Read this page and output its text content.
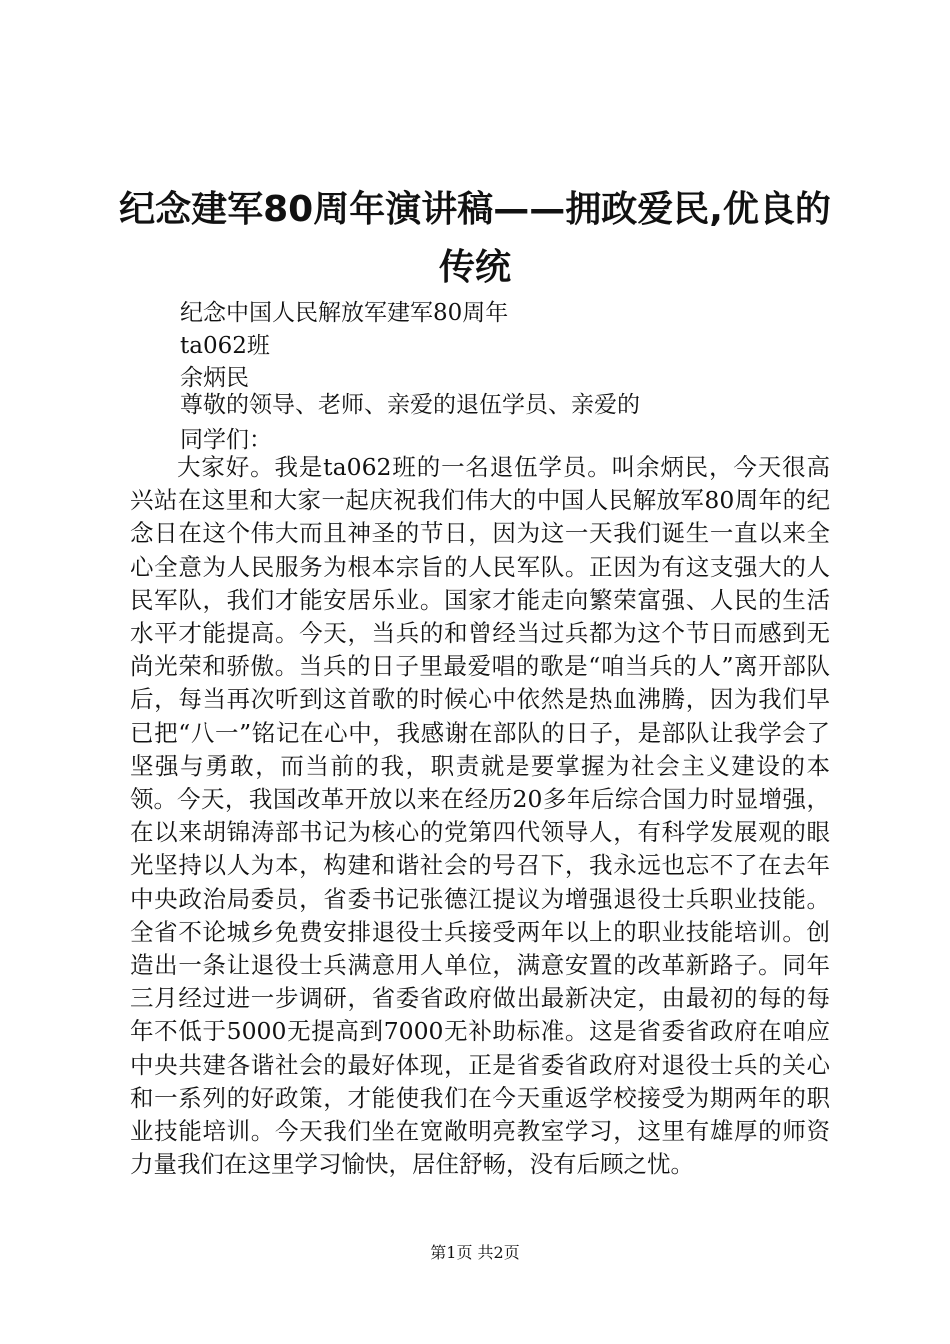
纪念建军80周年演讲稿——拥政爱民,优良的
传统
纪念中国人民解放军建军80周年
ta062班
余炳民
尊敬的领导、老师、亲爱的退伍学员、亲爱的
同学们：

大家好。我是ta062班的一名退伍学员。叫余炳民，今天很高兴站在这里和大家一起庆祝我们伟大的中国人民解放军80周年的纪念日在这个伟大而且神圣的节日，因为这一天我们诞生一直以来全心全意为人民服务为根本宗旨的人民军队。正因为有这支强大的人民军队，我们才能安居乐业。国家才能走向繁荣富强、人民的生活水平才能提高。今天，当兵的和曾经当过兵都为这个节日而感到无尚光荣和骄傲。当兵的日子里最爱唱的歌是“咱当兵的人”离开部队后，每当再次听到这首歌的时候心中依然是热血沸腾，因为我们早已把“八一”铭记在心中，我感谢在部队的日子，是部队让我学会了坚强与勇敢，而当前的我，职责就是要掌握为社会主义建设的本领。 今天，我国改革开放以来在经历20多年后综合国力时显增强，在以来胡锦涛部书记为核心的党第四代领导人，有科学发展观的眼光坚持以人为本，构建和谐社会的号召下，我永远也忘不了在去年中央政治局委员，省委书记张德江提议为增强退役士兵职业技能。全省不论城乡免费安排退役士兵接受两年以上的职业技能培训。创造出一条让退役士兵满意用人单位，满意安置的改革新路子。同年三月经过进一步调研，省委省政府做出最新决定，由最初的每的每年不低于5000无提高到7000无补助标准。这是省委省政府在咱应中央共建各谐社会的最好体现，正是省委省政府对退役士兵的关心和一系列的好政策，才能使我们在今天重返学校接受为期两年的职业技能培训。今天我们坐在宽敞明亮教室学习，这里有雄厚的师资力量我们在这里学习愉快，居住舒畅，没有后顾之忧。

第1页 共2页
